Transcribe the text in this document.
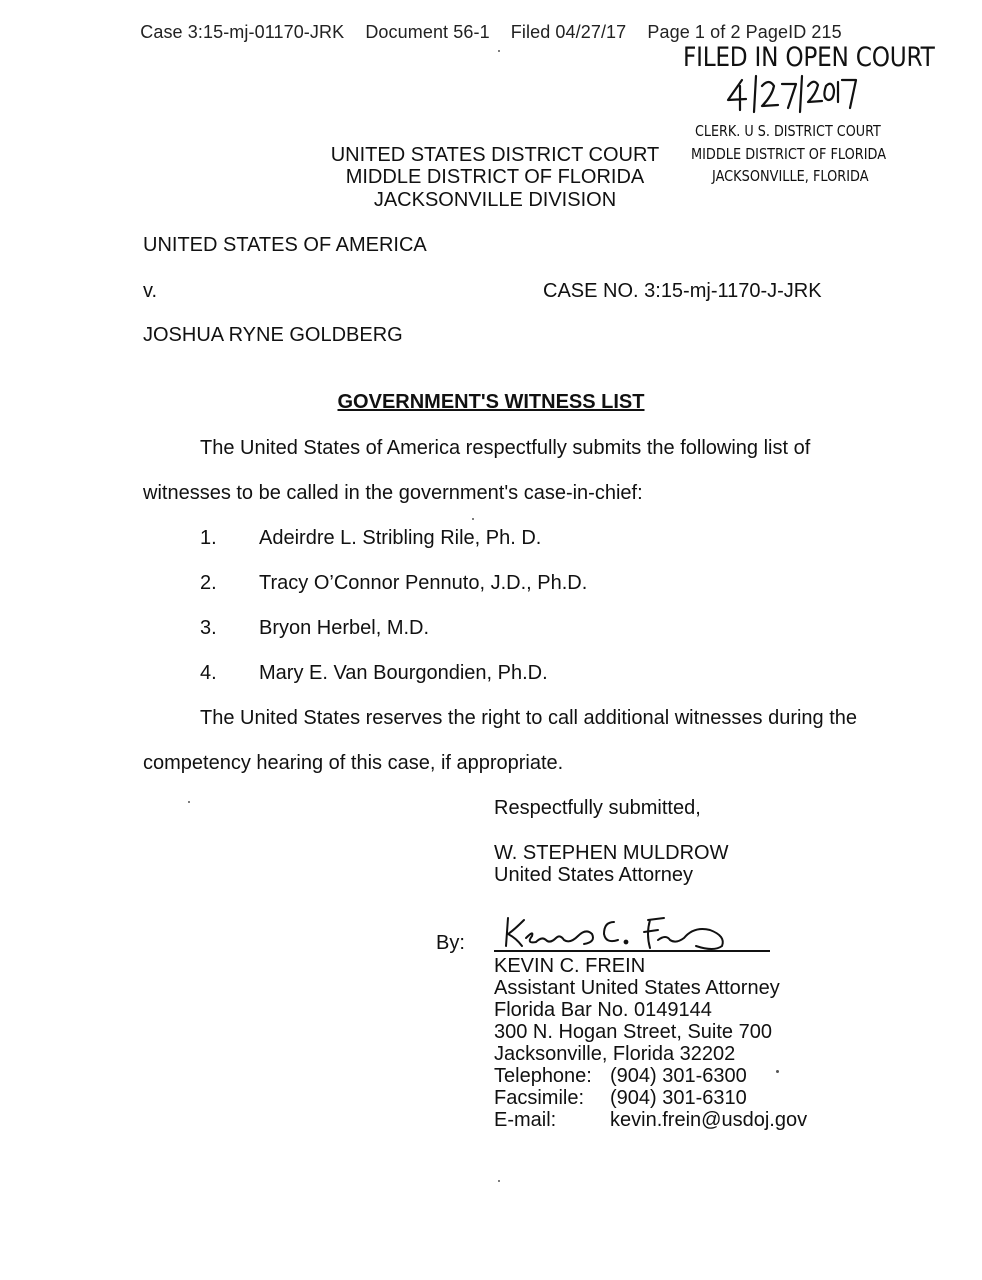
Case 3:15-mj-01170-JRK Document 56-1 Filed 04/27/17 Page 1 of 2 PageID 215
FILED IN OPEN COURT
CLERK. U S. DISTRICT COURT
MIDDLE DISTRICT OF FLORIDA
JACKSONVILLE, FLORIDA
UNITED STATES DISTRICT COURT
MIDDLE DISTRICT OF FLORIDA
JACKSONVILLE DIVISION
UNITED STATES OF AMERICA
v.	CASE NO. 3:15-mj-1170-J-JRK
JOSHUA RYNE GOLDBERG
GOVERNMENT'S WITNESS LIST
The United States of America respectfully submits the following list of
witnesses to be called in the government's case-in-chief:
1. Adeirdre L. Stribling Rile, Ph. D.
2. Tracy O’Connor Pennuto, J.D., Ph.D.
3. Bryon Herbel, M.D.
4. Mary E. Van Bourgondien, Ph.D.
The United States reserves the right to call additional witnesses during the
competency hearing of this case, if appropriate.
Respectfully submitted,
W. STEPHEN MULDROW
United States Attorney
By:
KEVIN C. FREIN
Assistant United States Attorney
Florida Bar No. 0149144
300 N. Hogan Street, Suite 700
Jacksonville, Florida 32202
Telephone: (904) 301-6300
Facsimile: (904) 301-6310
E-mail:	kevin.frein@usdoj.gov
